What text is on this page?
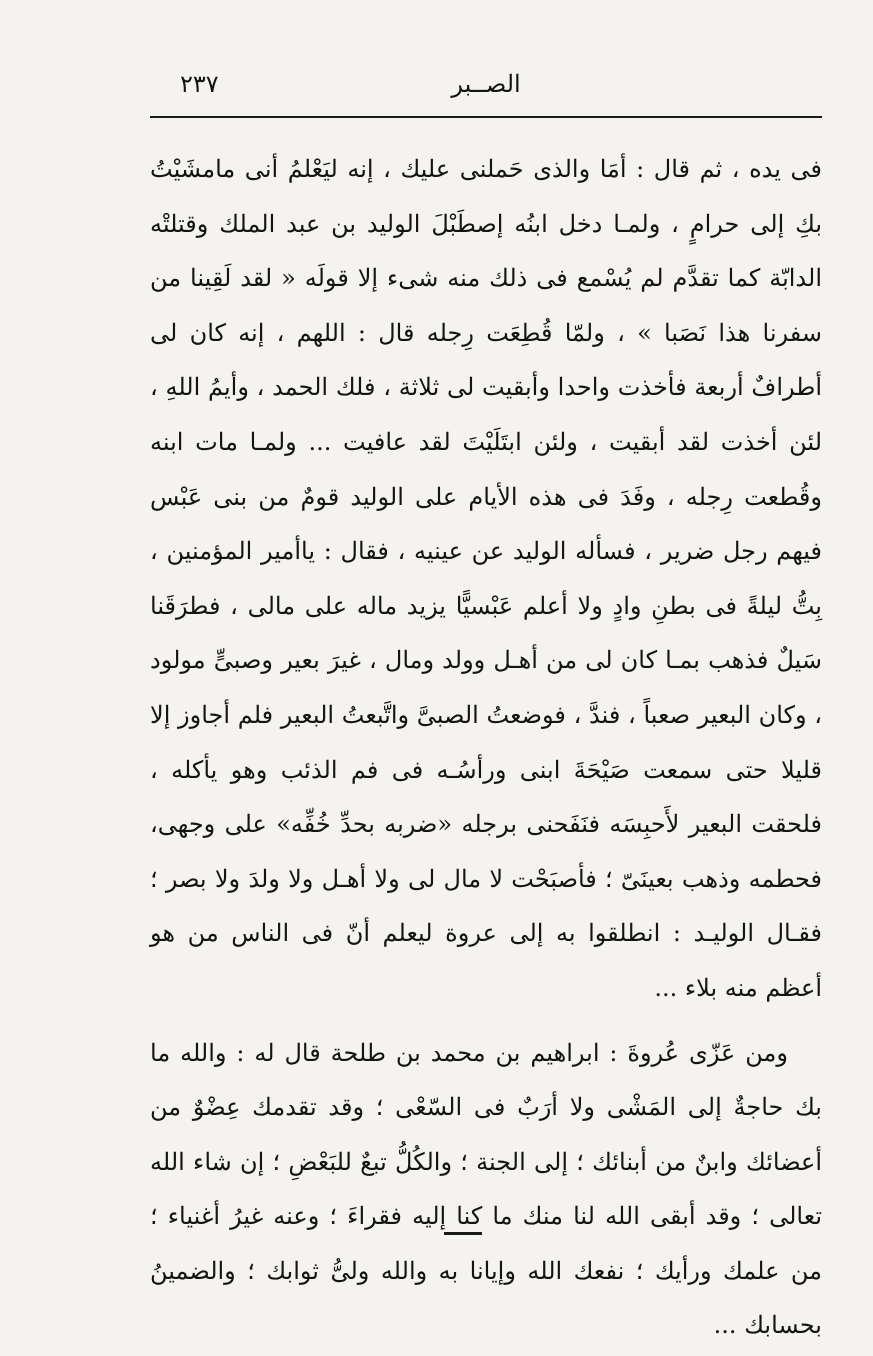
الصــبر
٢٣٧

فى يده ، ثم قال : أمَا والذى حَملنى عليك ، إنه ليَعْلمُ أنى مامشَيْتُ بكِ إلى حرامٍ ، ولمـا دخل ابنُه إصطَبْلَ الوليد بن عبد الملك وقتلتْه الدابّة كما تقدَّم لم يُسْمع فى ذلك منه شىء إلا قولَه « لقد لَقِينا من سفرنا هذا نَصَبا » ، ولمّا قُطِعَت رِجله قال : اللهم ، إنه كان لى أطرافٌ أربعة فأخذت واحدا وأبقيت لى ثلاثة ، فلك الحمد ، وأيمُ اللهِ ، لئن أخذت لقد أبقيت ، ولئن ابتَلَيْتَ لقد عافيت ... ولمـا مات ابنه وقُطعت رِجله ، وفَدَ فى هذه الأيام على الوليد قومٌ من بنى عَبْس فيهم رجل ضرير ، فسأله الوليد عن عينيه ، فقال : ياأمير المؤمنين ، بِتُّ ليلةً فى بطنِ وادٍ ولا أعلم عَبْسيًّا يزيد ماله على مالى ، فطرَقَنا سَيلٌ فذهب بمـا كان لى من أهـل وولد ومال ، غيرَ بعير وصبىٍّ مولود ، وكان البعير صعباً ، فندَّ ، فوضعتُ الصبىَّ واتَّبعتُ البعير فلم أجاوز إلا قليلا حتى سمعت صَيْحَةَ ابنى ورأسُـه فى فم الذئب وهو يأكله ، فلحقت البعير لأَحبِسَه فنَفَحنى برجله «ضربه بحدِّ خُفِّه» على وجهى، فحطمه وذهب بعينَىّ ؛ فأصبَحْت لا مال لى ولا أهـل ولا ولدَ ولا بصر ؛ فقـال الوليـد : انطلقوا به إلى عروة ليعلم أنّ فى الناس من هو أعظم منه بلاء ...

ومن عَزّى عُروةَ : ابراهيم بن محمد بن طلحة قال له : والله ما بك حاجةٌ إلى المَشْى ولا أرَبٌ فى السّعْى ؛ وقد تقدمك عِضْوٌ من أعضائك وابنٌ من أبنائك ؛ إلى الجنة ؛ والكُلُّ تبعٌ للبَعْضِ ؛ إن شاء الله تعالى ؛ وقد أبقى الله لنا منك ما كنا إليه فقراءَ ؛ وعنه غيرُ أغنياء ؛ من علمك ورأيك ؛ نفعك الله وإيانا به والله ولىُّ ثوابك ؛ والضمينُ بحسابك ...
